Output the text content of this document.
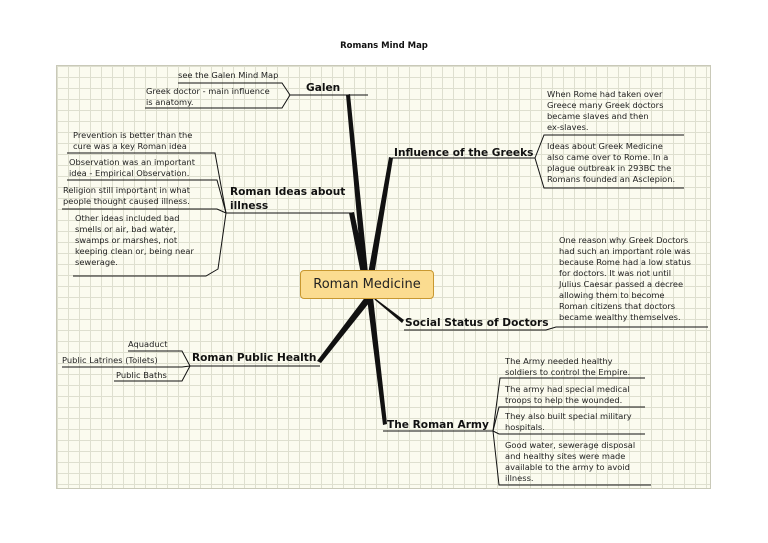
Romans Mind Map
Roman Medicine
Galen
see the Galen Mind Map
Greek doctor - main influence
is anatomy.
Roman Ideas about
illness
Prevention is better than the
cure was a key Roman idea
Observation was an important
idea - Empirical Observation.
Religion still important in what
people thought caused illness.
Other ideas included bad
smells or air, bad water,
swamps or marshes, not
keeping clean or, being near
sewerage.
Roman Public Health
Aquaduct
Public Latrines (Toilets)
Public Baths
Influence of the Greeks
When Rome had taken over
Greece many Greek doctors
became slaves and then
ex-slaves.
Ideas about Greek Medicine
also came over to Rome. In a
plague outbreak in 293BC the
Romans founded an Asclepion.
Social Status of Doctors
One reason why Greek Doctors
had such an important role was
because Rome had a low status
for doctors. It was not until
Julius Caesar passed a decree
allowing them to become
Roman citizens that doctors
became wealthy themselves.
The Roman Army
The Army needed healthy
soldiers to control the Empire.
The army had special medical
troops to help the wounded.
They also built special military
hospitals.
Good water, sewerage disposal
and healthy sites were made
available to the army to avoid
illness.
